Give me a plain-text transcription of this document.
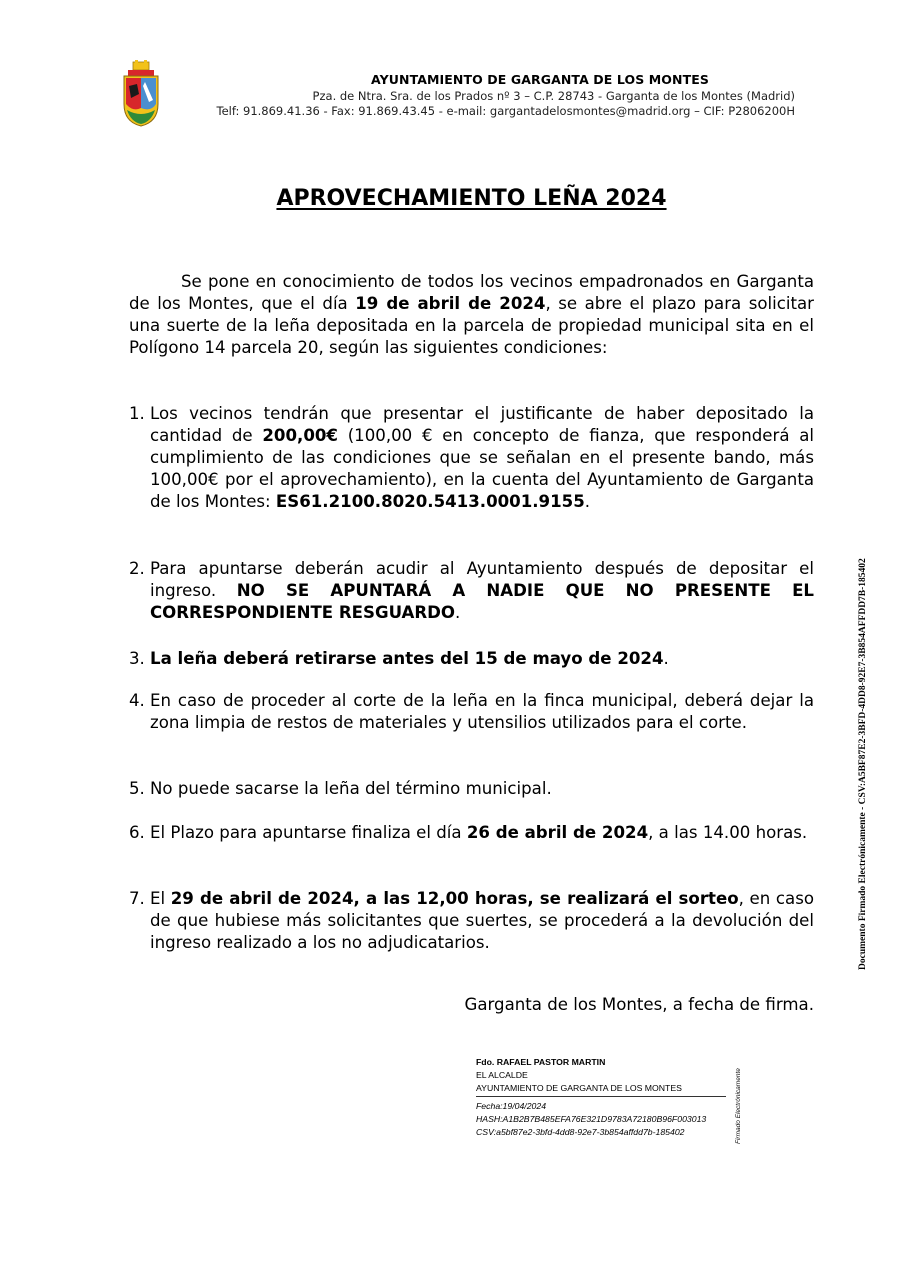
AYUNTAMIENTO DE GARGANTA DE LOS MONTES
Pza. de Ntra. Sra. de los Prados nº 3 – C.P. 28743 - Garganta de los Montes (Madrid)
Telf: 91.869.41.36 - Fax: 91.869.43.45 - e-mail: gargantadelosmontes@madrid.org – CIF: P2806200H
APROVECHAMIENTO LEÑA 2024
Se pone en conocimiento de todos los vecinos empadronados en Garganta de los Montes, que el día 19 de abril de 2024, se abre el plazo para solicitar una suerte de la leña depositada en la parcela de propiedad municipal sita en el Polígono 14 parcela 20, según las siguientes condiciones:
1. Los vecinos tendrán que presentar el justificante de haber depositado la cantidad de 200,00€ (100,00 € en concepto de fianza, que responderá al cumplimiento de las condiciones que se señalan en el presente bando, más 100,00€ por el aprovechamiento), en la cuenta del Ayuntamiento de Garganta de los Montes: ES61.2100.8020.5413.0001.9155.
2. Para apuntarse deberán acudir al Ayuntamiento después de depositar el ingreso. NO SE APUNTARÁ A NADIE QUE NO PRESENTE EL CORRESPONDIENTE RESGUARDO.
3. La leña deberá retirarse antes del 15 de mayo de 2024.
4. En caso de proceder al corte de la leña en la finca municipal, deberá dejar la zona limpia de restos de materiales y utensilios utilizados para el corte.
5. No puede sacarse la leña del término municipal.
6. El Plazo para apuntarse finaliza el día 26 de abril de 2024, a las 14.00 horas.
7. El 29 de abril de 2024, a las 12,00 horas, se realizará el sorteo, en caso de que hubiese más solicitantes que suertes, se procederá a la devolución del ingreso realizado a los no adjudicatarios.
Garganta de los Montes, a fecha de firma.
Fdo. RAFAEL PASTOR MARTIN
EL ALCALDE
AYUNTAMIENTO DE GARGANTA DE LOS MONTES
Fecha:19/04/2024
HASH:A1B2B7B485EFA76E321D9783A72180B96F003013
CSV:a5bf87e2-3bfd-4dd8-92e7-3b854affdd7b-185402	Firmado Electrónicamente
Documento Firmado Electrónicamente - CSV:A5BF87E2-3BFD-4DD8-92E7-3B854AFFDD7B-185402
